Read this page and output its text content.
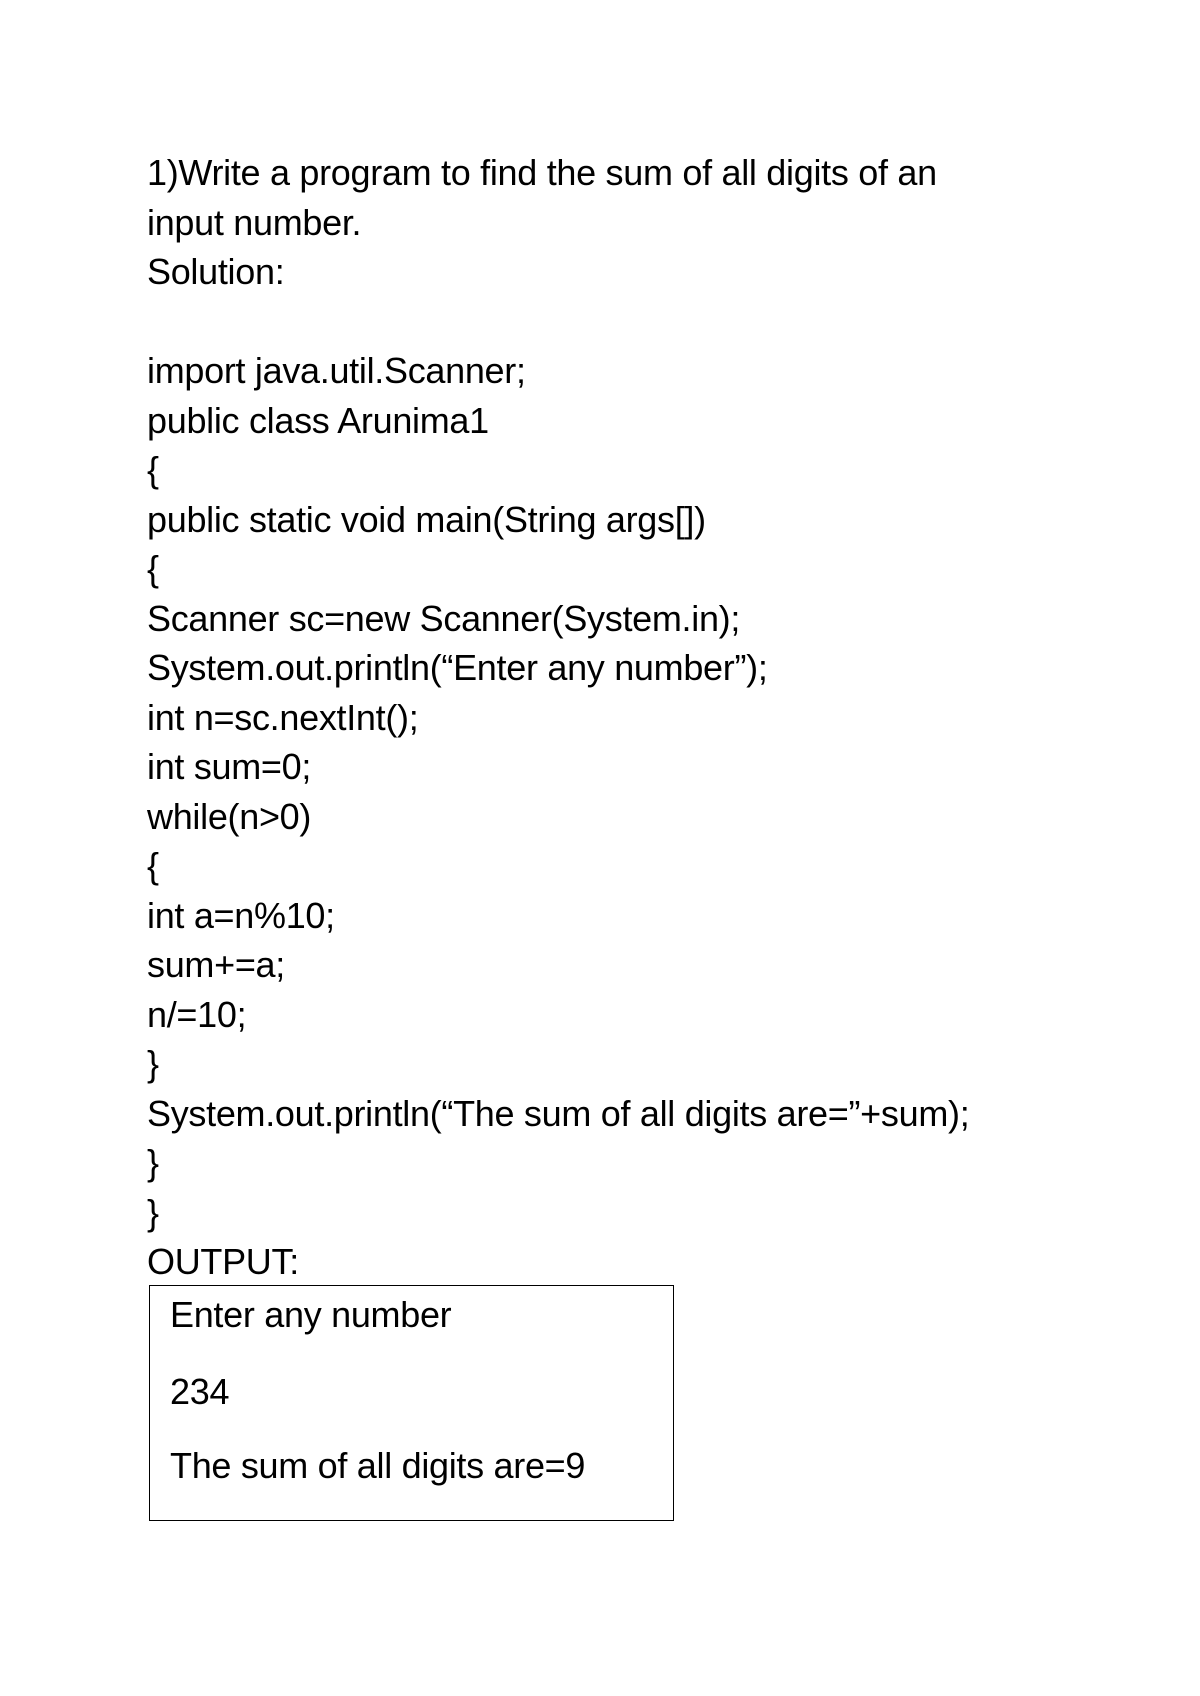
1)Write a program to find the sum of all digits of an
input number.
Solution:
import java.util.Scanner;
public class Arunima1
{
public static void main(String args[])
{
Scanner sc=new Scanner(System.in);
System.out.println(“Enter any number”);
int n=sc.nextInt();
int sum=0;
while(n>0)
{
int a=n%10;
sum+=a;
n/=10;
}
System.out.println(“The sum of all digits are=”+sum);
}
}
OUTPUT:
Enter any number
234
The sum of all digits are=9
